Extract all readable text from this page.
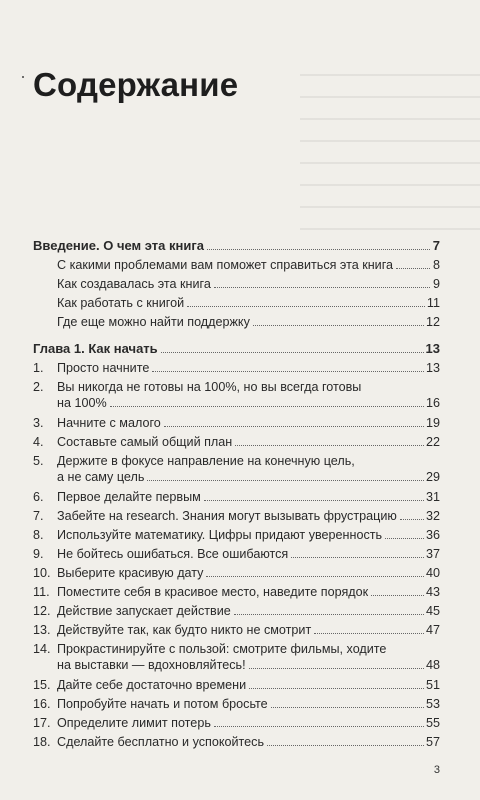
Содержание
Введение. О чем эта книга	7
С какими проблемами вам поможет справиться эта книга	8
Как создавалась эта книга	9
Как работать с книгой	11
Где еще можно найти поддержку	12
Глава 1. Как начать	13
1.	Просто начните	13
2.	Вы никогда не готовы на 100%, но вы всегда готовы
на 100%	16
3.	Начните с малого	19
4.	Составьте самый общий план	22
5.	Держите в фокусе направление на конечную цель,
а не саму цель	29
6.	Первое делайте первым	31
7.	Забейте на research. Знания могут вызывать фрустрацию 32
8.	Используйте математику. Цифры придают уверенность	36
9.	Не бойтесь ошибаться. Все ошибаются	37
10. Выберите красивую дату	40
11. Поместите себя в красивое место, наведите порядок	43
12. Действие запускает действие	45
13. Действуйте так, как будто никто не смотрит	47
14. Прокрастинируйте с пользой: смотрите фильмы, ходите
на выставки — вдохновляйтесь!	48
15. Дайте себе достаточно времени	51
16. Попробуйте начать и потом бросьте	53
17. Определите лимит потерь	55
18. Сделайте бесплатно и успокойтесь	57
3
